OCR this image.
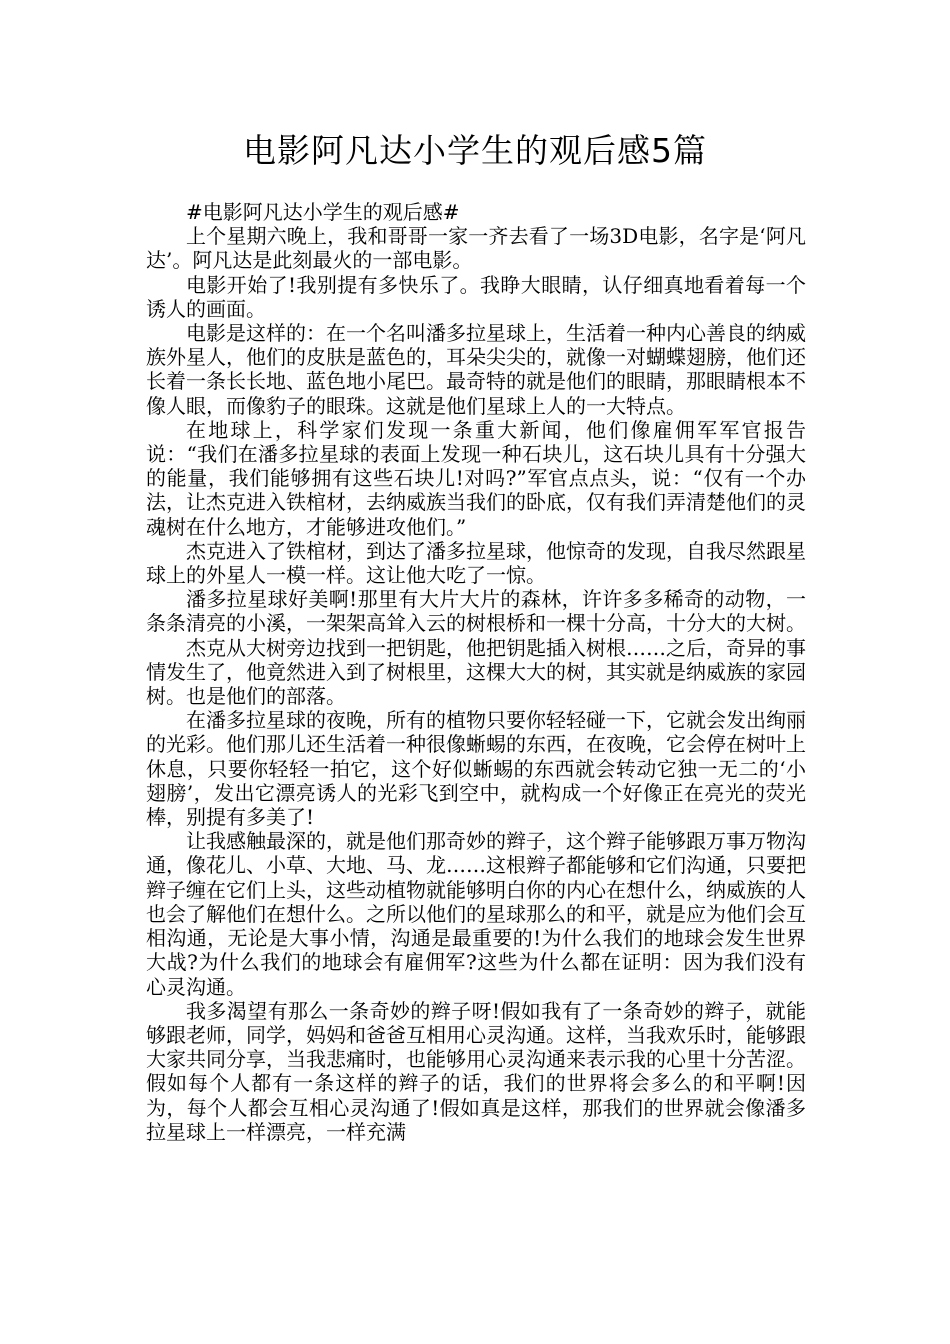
电影阿凡达小学生的观后感5篇

#电影阿凡达小学生的观后感#

上个星期六晚上，我和哥哥一家一齐去看了一场3D电影，名字是‘阿凡达’。阿凡达是此刻最火的一部电影。

电影开始了!我别提有多快乐了。我睁大眼睛，认仔细真地看着每一个诱人的画面。

电影是这样的：在一个名叫潘多拉星球上，生活着一种内心善良的纳威族外星人，他们的皮肤是蓝色的，耳朵尖尖的，就像一对蝴蝶翅膀，他们还长着一条长长地、蓝色地小尾巴。最奇特的就是他们的眼睛，那眼睛根本不像人眼，而像豹子的眼珠。这就是他们星球上人的一大特点。

在地球上，科学家们发现一条重大新闻，他们像雇佣军军官报告说：“我们在潘多拉星球的表面上发现一种石块儿，这石块儿具有十分强大的能量，我们能够拥有这些石块儿!对吗?”军官点点头，说：“仅有一个办法，让杰克进入铁棺材，去纳威族当我们的卧底，仅有我们弄清楚他们的灵魂树在什么地方，才能够进攻他们。”

杰克进入了铁棺材，到达了潘多拉星球，他惊奇的发现，自我尽然跟星球上的外星人一模一样。这让他大吃了一惊。

潘多拉星球好美啊!那里有大片大片的森林，许许多多稀奇的动物，一条条清亮的小溪，一架架高耸入云的树根桥和一棵十分高，十分大的大树。

杰克从大树旁边找到一把钥匙，他把钥匙插入树根……之后，奇异的事情发生了，他竟然进入到了树根里，这棵大大的树，其实就是纳威族的家园树。也是他们的部落。

在潘多拉星球的夜晚，所有的植物只要你轻轻碰一下，它就会发出绚丽的光彩。他们那儿还生活着一种很像蜥蜴的东西，在夜晚，它会停在树叶上休息，只要你轻轻一拍它，这个好似蜥蜴的东西就会转动它独一无二的‘小翅膀’，发出它漂亮诱人的光彩飞到空中，就构成一个好像正在亮光的荧光棒，别提有多美了!

让我感触最深的，就是他们那奇妙的辫子，这个辫子能够跟万事万物沟通，像花儿、小草、大地、马、龙……这根辫子都能够和它们沟通，只要把辫子缠在它们上头，这些动植物就能够明白你的内心在想什么，纳威族的人也会了解他们在想什么。之所以他们的星球那么的和平，就是应为他们会互相沟通，无论是大事小情，沟通是最重要的!为什么我们的地球会发生世界大战?为什么我们的地球会有雇佣军?这些为什么都在证明：因为我们没有心灵沟通。

我多渴望有那么一条奇妙的辫子呀!假如我有了一条奇妙的辫子，就能够跟老师，同学，妈妈和爸爸互相用心灵沟通。这样，当我欢乐时，能够跟大家共同分享，当我悲痛时，也能够用心灵沟通来表示我的心里十分苦涩。假如每个人都有一条这样的辫子的话，我们的世界将会多么的和平啊!因为，每个人都会互相心灵沟通了!假如真是这样，那我们的世界就会像潘多拉星球上一样漂亮，一样充满
